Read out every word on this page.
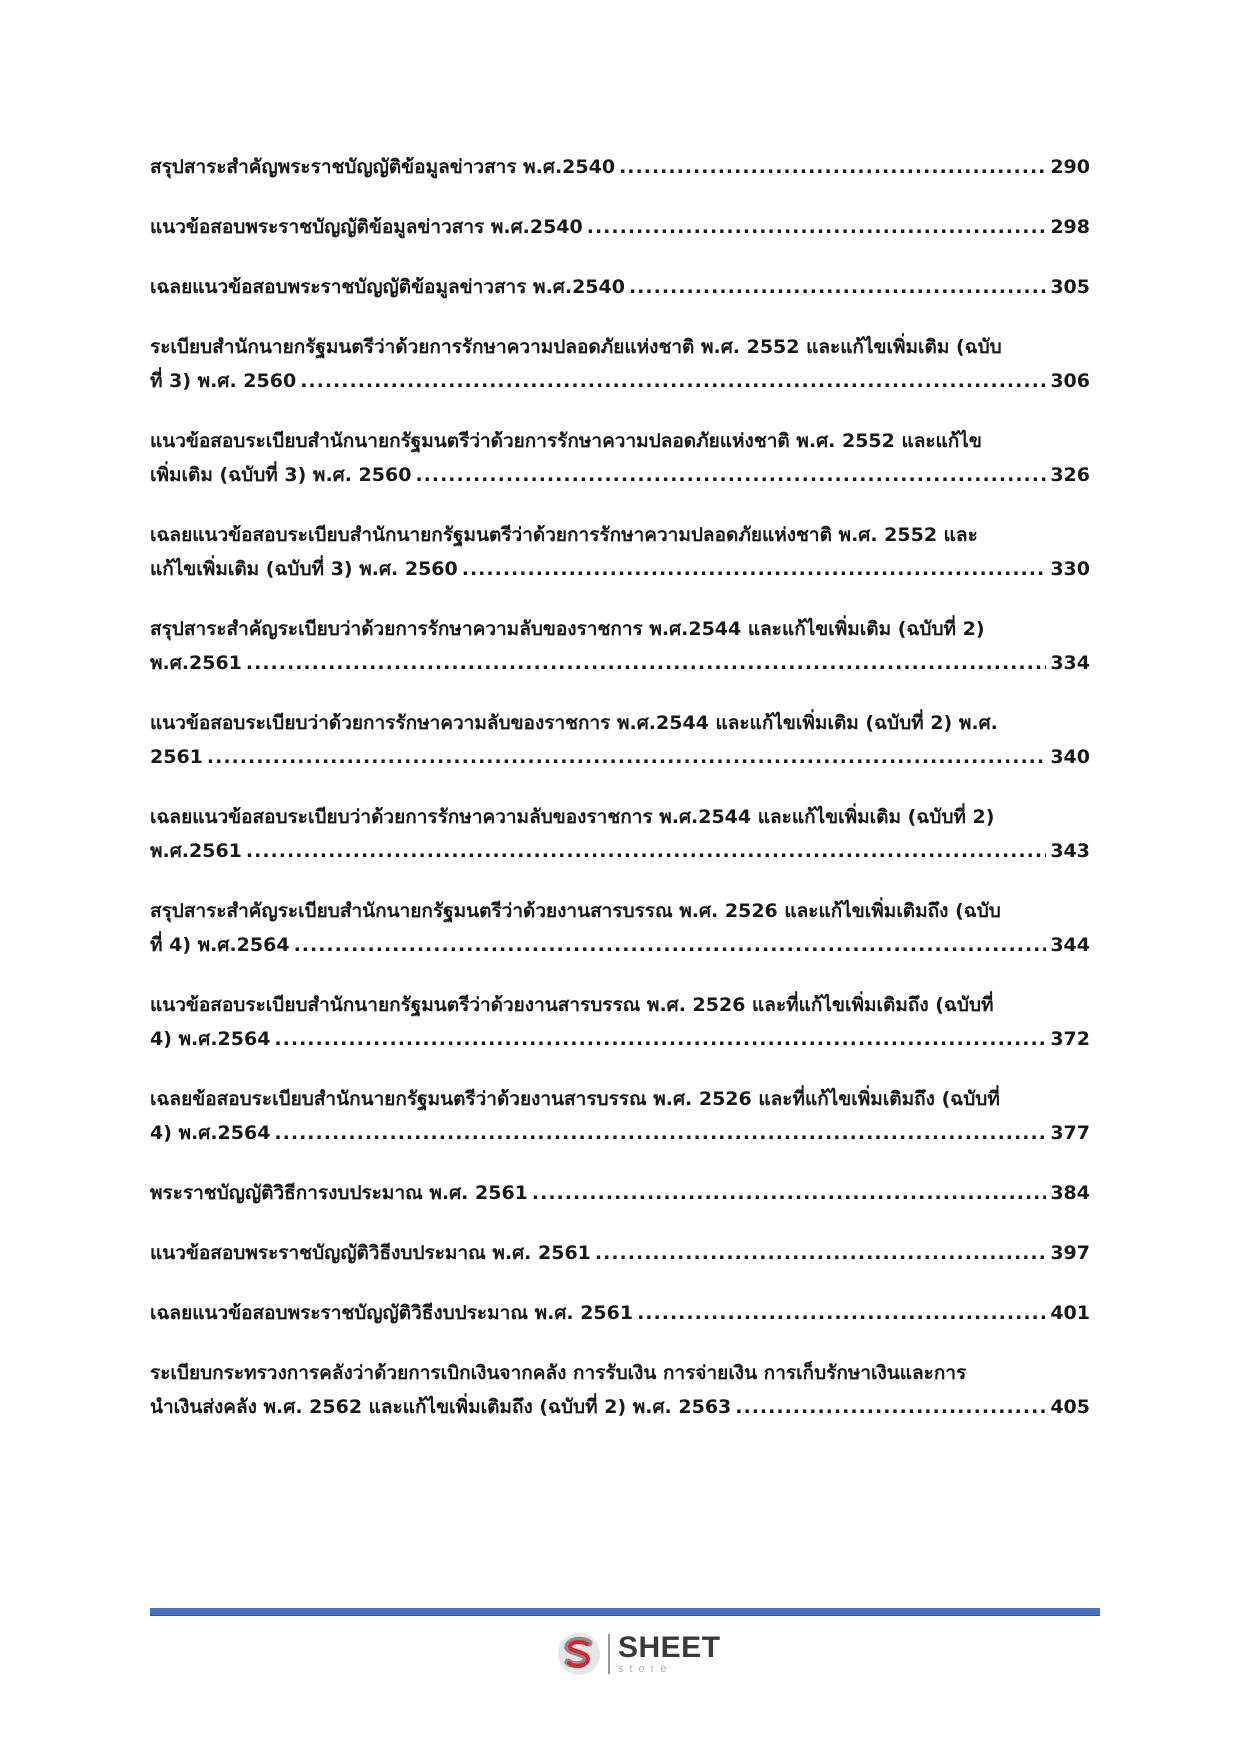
สรุปสาระสำคัญพระราชบัญญัติข้อมูลข่าวสาร พ.ศ.2540 .....	290
แนวข้อสอบพระราชบัญญัติข้อมูลข่าวสาร พ.ศ.2540 .....	298
เฉลยแนวข้อสอบพระราชบัญญัติข้อมูลข่าวสาร พ.ศ.2540 .....	305
ระเบียบสำนักนายกรัฐมนตรีว่าด้วยการรักษาความปลอดภัยแห่งชาติ พ.ศ. 2552 และแก้ไขเพิ่มเติม (ฉบับ
ที่ 3) พ.ศ. 2560 .....	306
แนวข้อสอบระเบียบสำนักนายกรัฐมนตรีว่าด้วยการรักษาความปลอดภัยแห่งชาติ พ.ศ. 2552 และแก้ไข
เพิ่มเติม (ฉบับที่ 3) พ.ศ. 2560 .....	326
เฉลยแนวข้อสอบระเบียบสำนักนายกรัฐมนตรีว่าด้วยการรักษาความปลอดภัยแห่งชาติ พ.ศ. 2552 และ
แก้ไขเพิ่มเติม (ฉบับที่ 3) พ.ศ. 2560 .....	330
สรุปสาระสำคัญระเบียบว่าด้วยการรักษาความลับของราชการ พ.ศ.2544 และแก้ไขเพิ่มเติม (ฉบับที่ 2)
พ.ศ.2561 .....	334
แนวข้อสอบระเบียบว่าด้วยการรักษาความลับของราชการ พ.ศ.2544 และแก้ไขเพิ่มเติม (ฉบับที่ 2) พ.ศ.
2561 .....	340
เฉลยแนวข้อสอบระเบียบว่าด้วยการรักษาความลับของราชการ พ.ศ.2544 และแก้ไขเพิ่มเติม (ฉบับที่ 2)
พ.ศ.2561 .....	343
สรุปสาระสำคัญระเบียบสำนักนายกรัฐมนตรีว่าด้วยงานสารบรรณ พ.ศ. 2526 และแก้ไขเพิ่มเติมถึง (ฉบับ
ที่ 4) พ.ศ.2564 .....	344
แนวข้อสอบระเบียบสำนักนายกรัฐมนตรีว่าด้วยงานสารบรรณ พ.ศ. 2526 และที่แก้ไขเพิ่มเติมถึง (ฉบับที่
4) พ.ศ.2564 .....	372
เฉลยข้อสอบระเบียบสำนักนายกรัฐมนตรีว่าด้วยงานสารบรรณ พ.ศ. 2526 และที่แก้ไขเพิ่มเติมถึง (ฉบับที่
4) พ.ศ.2564 .....	377
พระราชบัญญัติวิธีการงบประมาณ พ.ศ. 2561 .....	384
แนวข้อสอบพระราชบัญญัติวิธีงบประมาณ พ.ศ. 2561 .....	397
เฉลยแนวข้อสอบพระราชบัญญัติวิธีงบประมาณ พ.ศ. 2561 .....	401
ระเบียบกระทรวงการคลังว่าด้วยการเบิกเงินจากคลัง การรับเงิน การจ่ายเงิน การเก็บรักษาเงินและการ
นำเงินส่งคลัง พ.ศ. 2562 และแก้ไขเพิ่มเติมถึง (ฉบับที่ 2) พ.ศ. 2563 .....	405
SHEET
store
